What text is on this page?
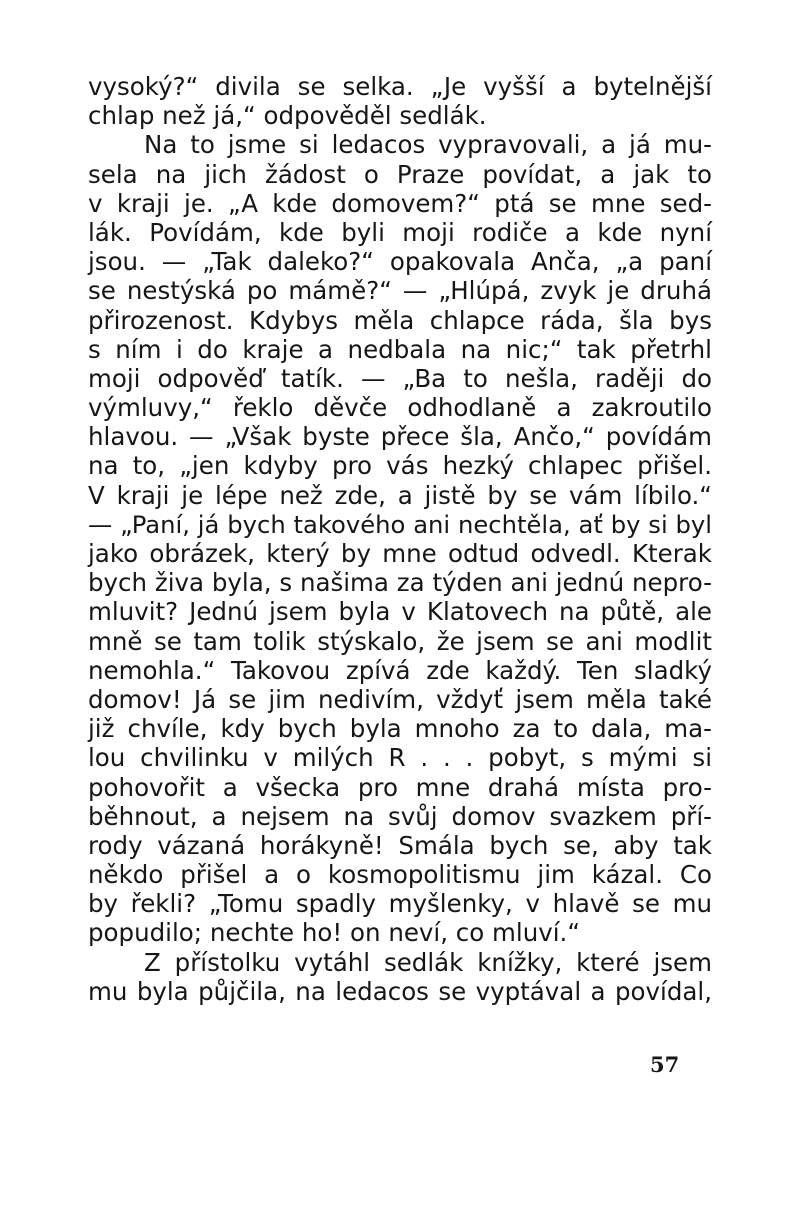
vysoký?“ divila se selka. „Je vyšší a bytelnější
chlap než já,“ odpověděl sedlák.
Na to jsme si ledacos vypravovali, a já mu-
sela na jich žádost o Praze povídat, a jak to
v kraji je. „A kde domovem?“ ptá se mne sed-
lák. Povídám, kde byli moji rodiče a kde nyní
jsou. — „Tak daleko?“ opakovala Anča, „a paní
se nestýská po mámě?“ — „Hlúpá, zvyk je druhá
přirozenost. Kdybys měla chlapce ráda, šla bys
s ním i do kraje a nedbala na nic;“ tak přetrhl
moji odpověď tatík. — „Ba to nešla, raději do
výmluvy,“ řeklo děvče odhodlaně a zakroutilo
hlavou. — „Však byste přece šla, Ančo,“ povídám
na to, „jen kdyby pro vás hezký chlapec přišel.
V kraji je lépe než zde, a jistě by se vám líbilo.“
— „Paní, já bych takového ani nechtěla, ať by si byl
jako obrázek, který by mne odtud odvedl. Kterak
bych živa byla, s našima za týden ani jednú nepro-
mluvit? Jednú jsem byla v Klatovech na půtě, ale
mně se tam tolik stýskalo, že jsem se ani modlit
nemohla.“ Takovou zpívá zde každý. Ten sladký
domov! Já se jim nedivím, vždyť jsem měla také
již chvíle, kdy bych byla mnoho za to dala, ma-
lou chvilinku v milých R . . . pobyt, s mými si
pohovořit a všecka pro mne drahá místa pro-
běhnout, a nejsem na svůj domov svazkem pří-
rody vázaná horákyně! Smála bych se, aby tak
někdo přišel a o kosmopolitismu jim kázal. Co
by řekli? „Tomu spadly myšlenky, v hlavě se mu
popudilo; nechte ho! on neví, co mluví.“
Z přístolku vytáhl sedlák knížky, které jsem
mu byla půjčila, na ledacos se vyptával a povídal,
57
